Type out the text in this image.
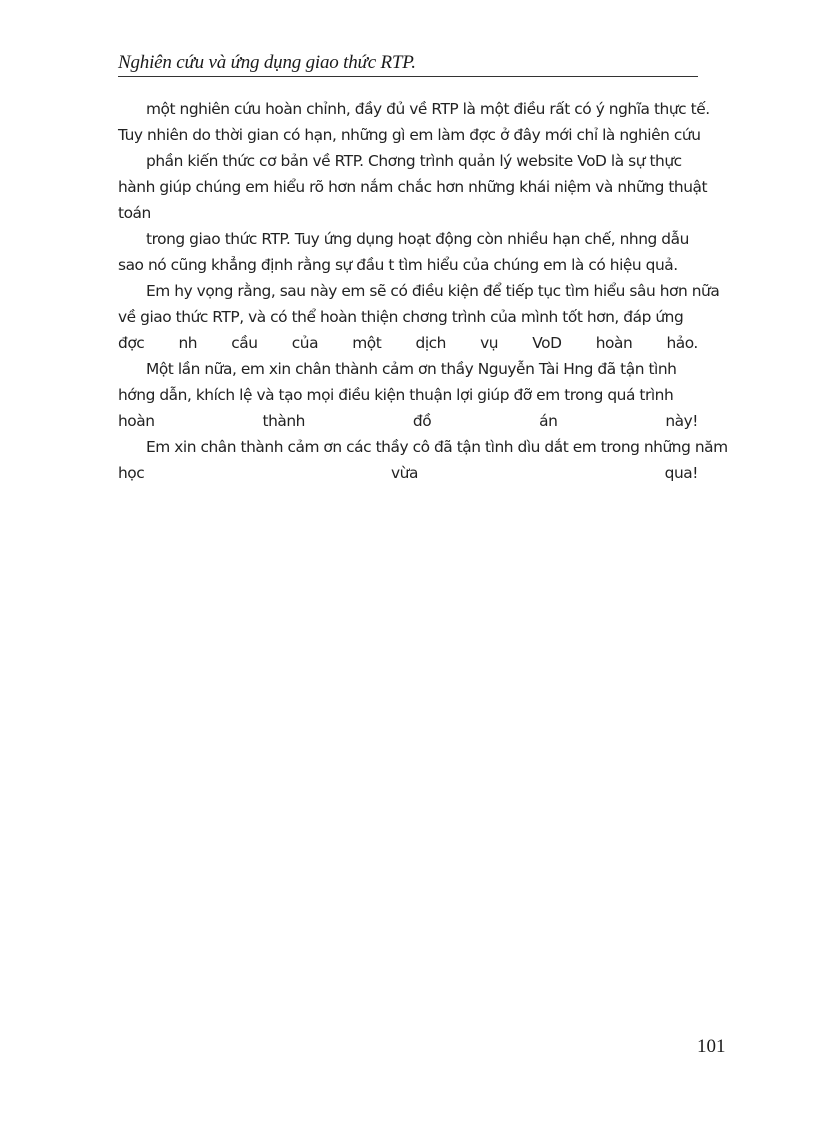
Nghiên cứu và ứng dụng giao thức RTP.
một nghiên cứu hoàn chỉnh, đầy đủ về RTP là một điều rất có ý nghĩa thực tế.
Tuy nhiên do thời gian có hạn, những gì em làm đợc ở đây mới chỉ là nghiên cứu
phần kiến thức cơ bản về RTP. Chơng trình quản lý website VoD là sự thực
hành giúp chúng em hiểu rõ hơn nắm chắc hơn những khái niệm và những thuật
toán
trong giao thức RTP. Tuy ứng dụng hoạt động còn nhiều hạn chế, nhng dẫu
sao nó cũng khẳng định rằng sự đầu t tìm hiểu của chúng em là có hiệu quả.
Em hy vọng rằng, sau này em sẽ có điều kiện để tiếp tục tìm hiểu sâu hơn nữa
về giao thức RTP, và có thể hoàn thiện chơng trình của mình tốt hơn, đáp ứng
đợc nh cầu của một dịch vụ VoD hoàn hảo.
Một lần nữa, em xin chân thành cảm ơn thầy Nguyễn Tài Hng đã tận tình
hớng dẫn, khích lệ và tạo mọi điều kiện thuận lợi giúp đỡ em trong quá trình
hoàn	thành	đồ	án	này!
Em xin chân thành cảm ơn các thầy cô đã tận tình dìu dắt em trong những năm
học	vừa	qua!
101
